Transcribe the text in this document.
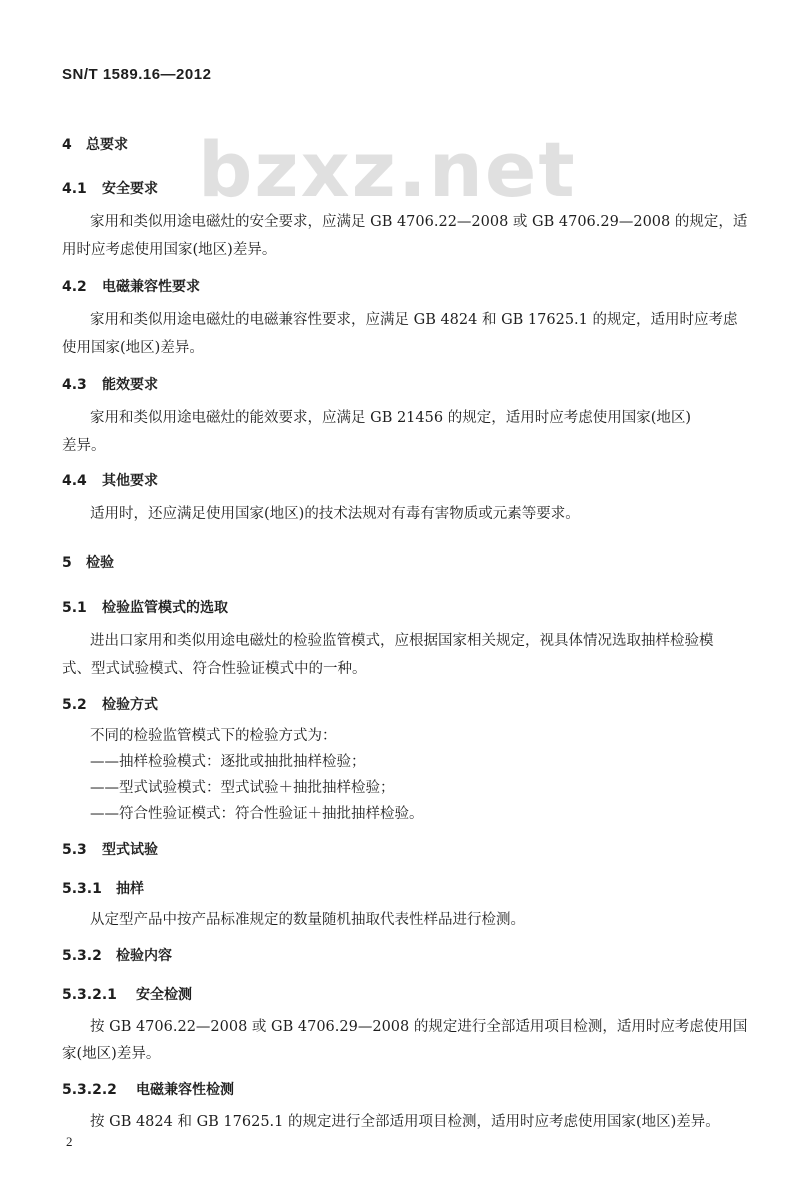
SN/T 1589.16—2012
bzxz.net
4 总要求
4.1 安全要求
家用和类似用途电磁灶的安全要求，应满足 GB 4706.22—2008 或 GB 4706.29—2008 的规定，适
用时应考虑使用国家(地区)差异。
4.2 电磁兼容性要求
家用和类似用途电磁灶的电磁兼容性要求，应满足 GB 4824 和 GB 17625.1 的规定，适用时应考虑
使用国家(地区)差异。
4.3 能效要求
家用和类似用途电磁灶的能效要求，应满足 GB 21456 的规定，适用时应考虑使用国家(地区)
差异。
4.4 其他要求
适用时，还应满足使用国家(地区)的技术法规对有毒有害物质或元素等要求。
5 检验
5.1 检验监管模式的选取
进出口家用和类似用途电磁灶的检验监管模式，应根据国家相关规定，视具体情况选取抽样检验模
式、型式试验模式、符合性验证模式中的一种。
5.2 检验方式
不同的检验监管模式下的检验方式为：
——抽样检验模式：逐批或抽批抽样检验；
——型式试验模式：型式试验＋抽批抽样检验；
——符合性验证模式：符合性验证＋抽批抽样检验。
5.3 型式试验
5.3.1 抽样
从定型产品中按产品标准规定的数量随机抽取代表性样品进行检测。
5.3.2 检验内容
5.3.2.1 安全检测
按 GB 4706.22—2008 或 GB 4706.29—2008 的规定进行全部适用项目检测，适用时应考虑使用国
家(地区)差异。
5.3.2.2 电磁兼容性检测
按 GB 4824 和 GB 17625.1 的规定进行全部适用项目检测，适用时应考虑使用国家(地区)差异。
2
